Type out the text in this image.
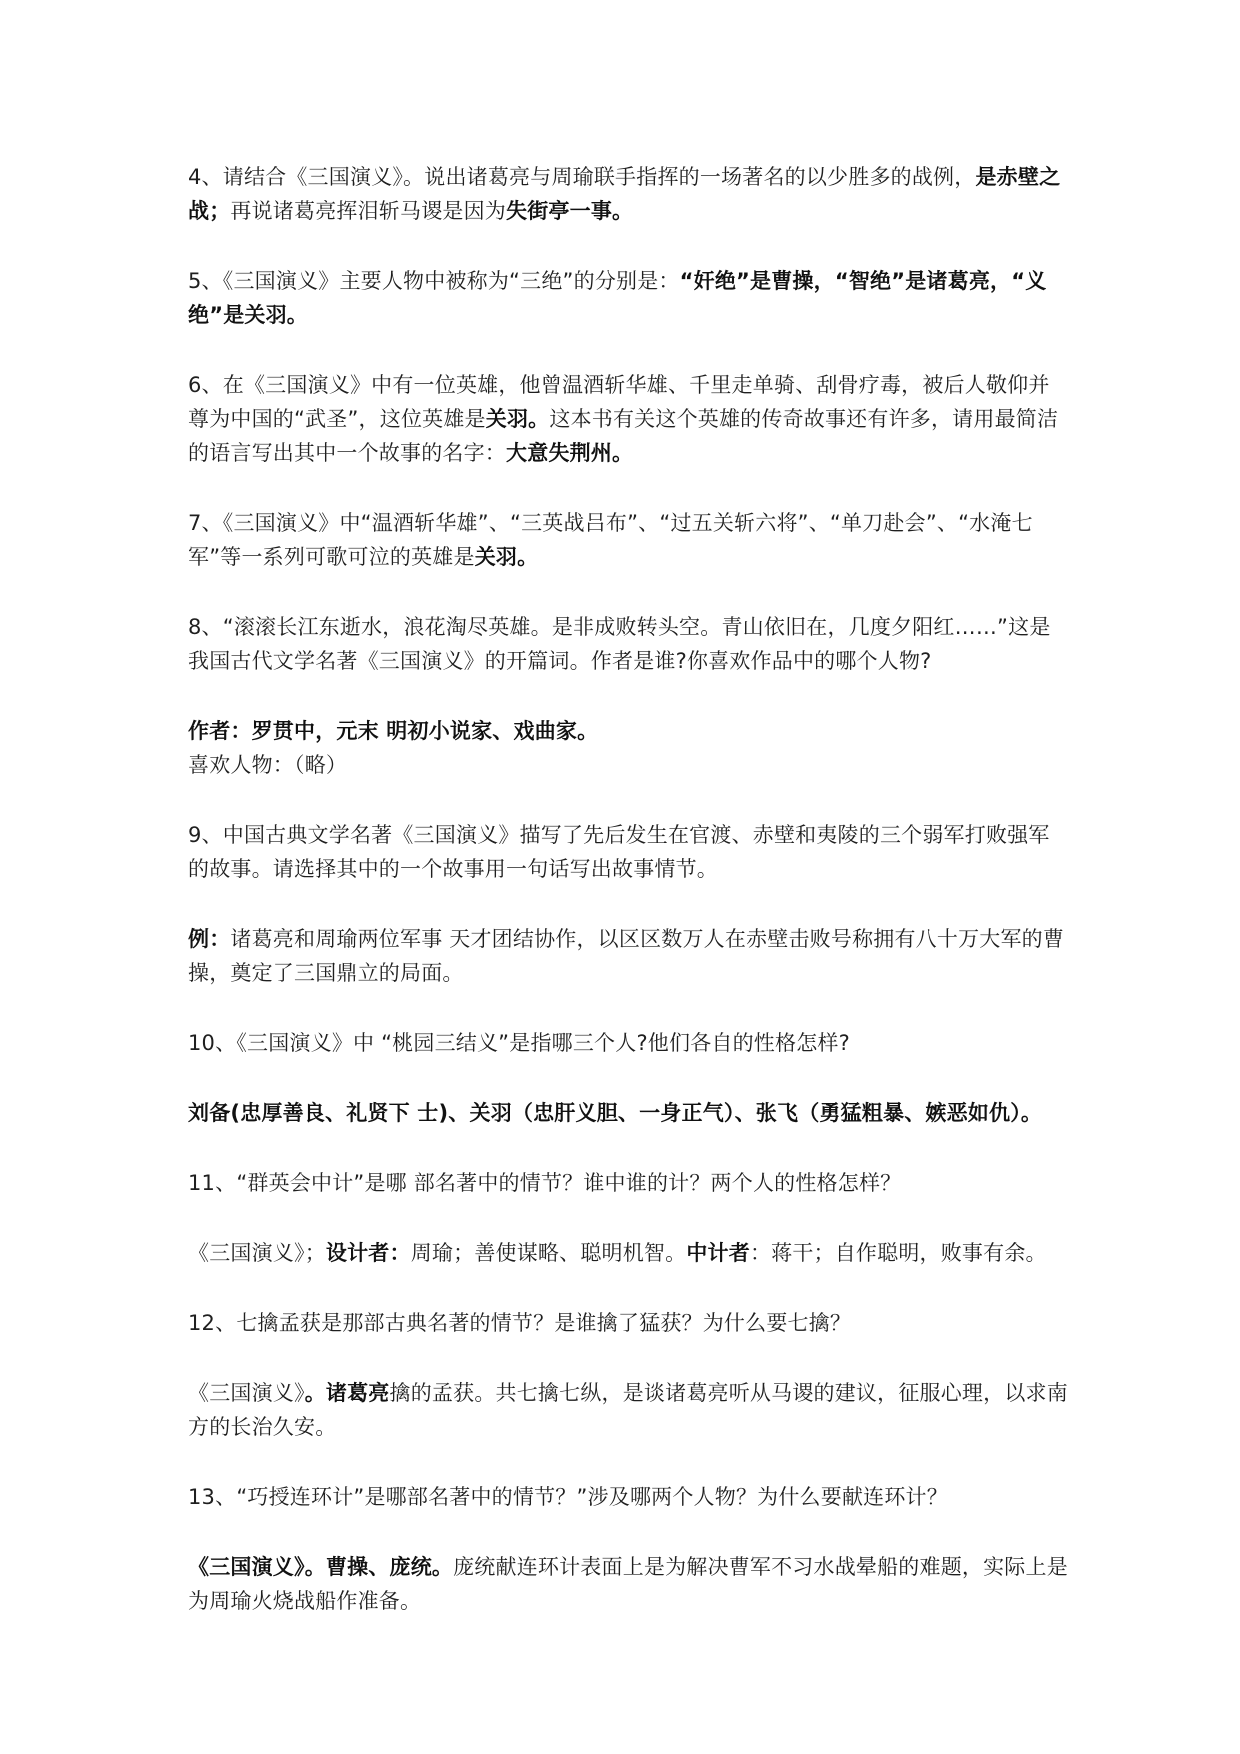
4、请结合《三国演义》。说出诸葛亮与周瑜联手指挥的一场著名的以少胜多的战例，是赤壁之战；再说诸葛亮挥泪斩马谡是因为失街亭一事。

5、《三国演义》主要人物中被称为“三绝”的分别是：“奸绝”是曹操，“智绝”是诸葛亮，“义绝”是关羽。

6、在《三国演义》中有一位英雄，他曾温酒斩华雄、千里走单骑、刮骨疗毒，被后人敬仰并尊为中国的“武圣”，这位英雄是关羽。这本书有关这个英雄的传奇故事还有许多，请用最简洁的语言写出其中一个故事的名字：大意失荆州。

7、《三国演义》中“温酒斩华雄”、“三英战吕布”、“过五关斩六将”、“单刀赴会”、“水淹七军”等一系列可歌可泣的英雄是关羽。

8、“滚滚长江东逝水，浪花淘尽英雄。是非成败转头空。青山依旧在，几度夕阳红……”这是我国古代文学名著《三国演义》的开篇词。作者是谁?你喜欢作品中的哪个人物?

作者：罗贯中，元末 明初小说家、戏曲家。

喜欢人物：（略）

9、中国古典文学名著《三国演义》描写了先后发生在官渡、赤壁和夷陵的三个弱军打败强军的故事。请选择其中的一个故事用一句话写出故事情节。

例：诸葛亮和周瑜两位军事 天才团结协作，以区区数万人在赤壁击败号称拥有八十万大军的曹操，奠定了三国鼎立的局面。

10、《三国演义》中 “桃园三结义”是指哪三个人?他们各自的性格怎样?

刘备(忠厚善良、礼贤下 士)、关羽（忠肝义胆、一身正气）、张飞（勇猛粗暴、嫉恶如仇）。

11、“群英会中计”是哪 部名著中的情节？谁中谁的计？两个人的性格怎样？

《三国演义》；设计者：周瑜；善使谋略、聪明机智。中计者：蒋干；自作聪明，败事有余。

12、七擒孟获是那部古典名著的情节？是谁擒了猛获？为什么要七擒？

《三国演义》。诸葛亮擒的孟获。共七擒七纵，是谈诸葛亮听从马谡的建议，征服心理，以求南方的长治久安。

13、“巧授连环计”是哪部名著中的情节？”涉及哪两个人物？为什么要献连环计？

《三国演义》。曹操、庞统。庞统献连环计表面上是为解决曹军不习水战晕船的难题，实际上是为周瑜火烧战船作准备。
